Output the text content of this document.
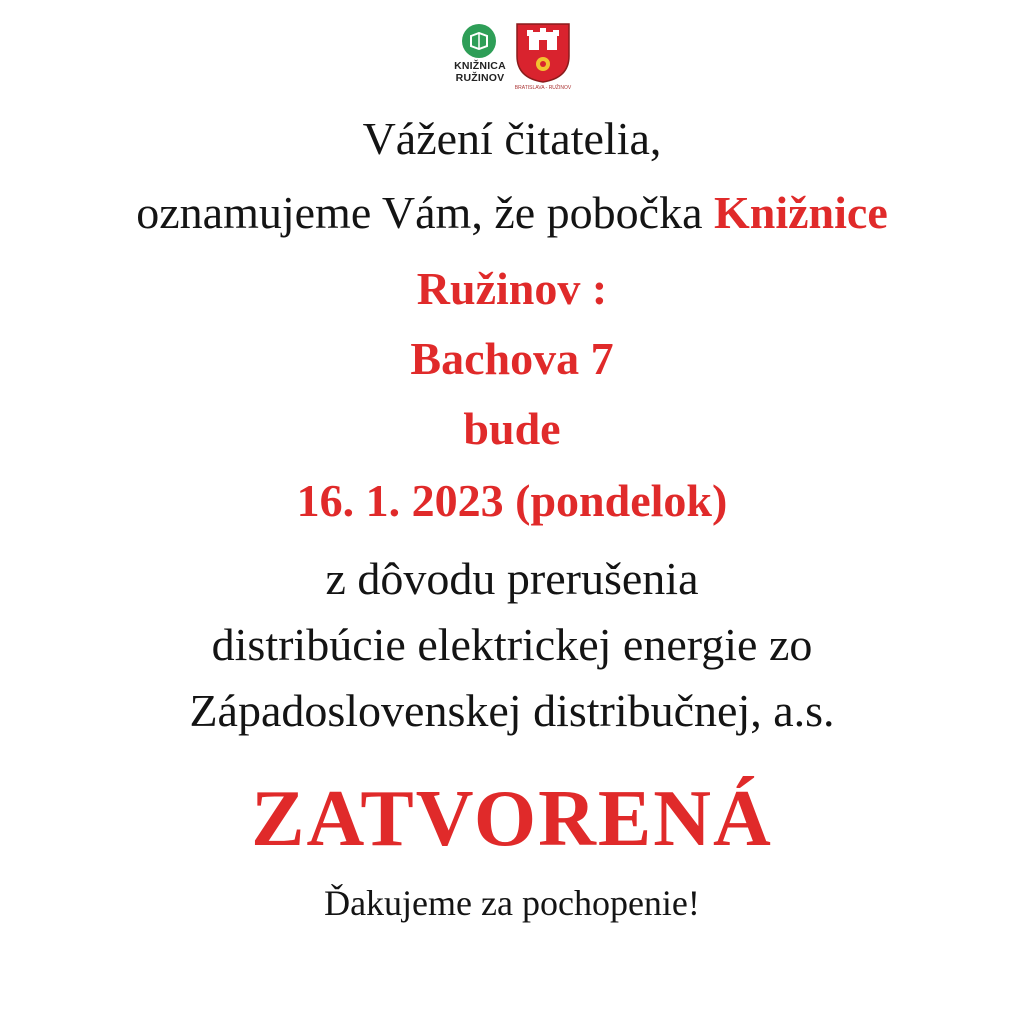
KNIŽNICA
RUŽINOV
BRATISLAVA - RUŽINOV
Vážení čitatelia,
oznamujeme Vám, že pobočka Knižnice
Ružinov :
Bachova 7
bude
16. 1. 2023 (pondelok)
z dôvodu prerušenia
distribúcie elektrickej energie zo
Západoslovenskej distribučnej, a.s.
ZATVORENÁ
Ďakujeme za pochopenie!
